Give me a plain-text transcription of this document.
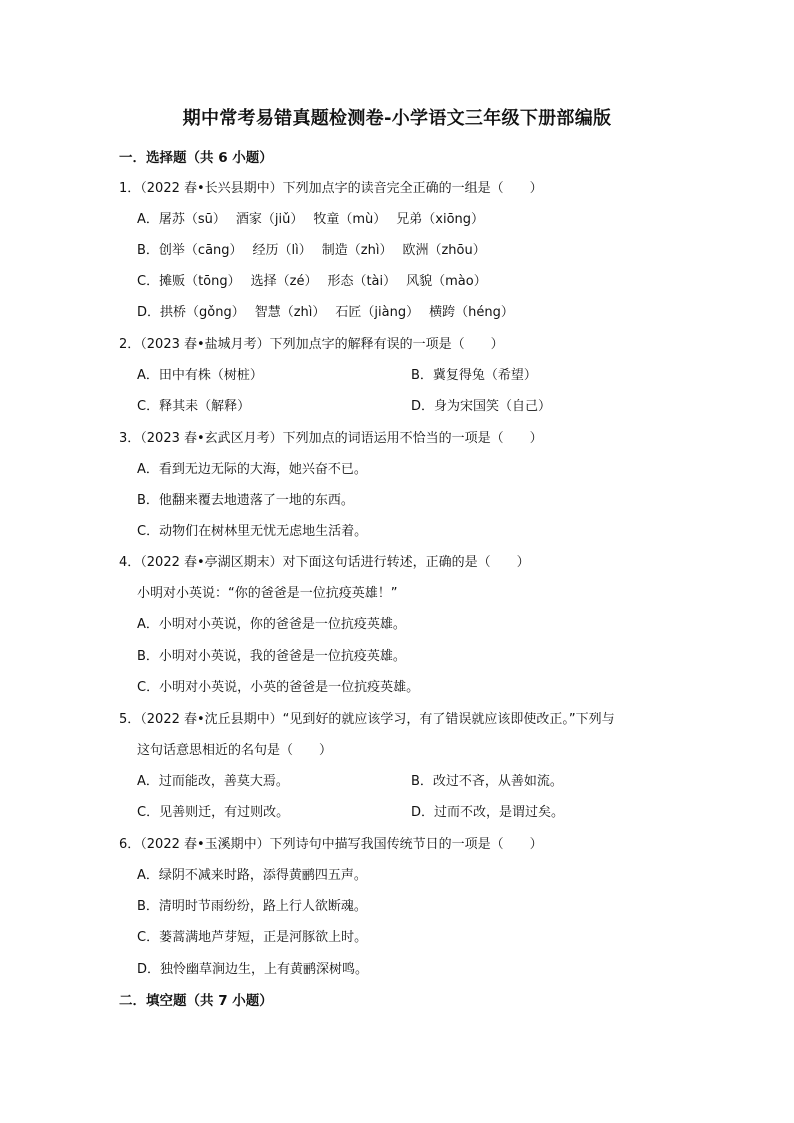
期中常考易错真题检测卷-小学语文三年级下册部编版
一．选择题（共 6 小题）
1．（2022 春•长兴县期中）下列加点字的读音完全正确的一组是（　　）
A．屠苏（sū） 酒家（jiǔ） 牧童（mù） 兄弟（xiōng）
B．创举（cāng） 经历（lì） 制造（zhì） 欧洲（zhōu）
C．摊贩（tōng） 选择（zé） 形态（tài） 风貌（mào）
D．拱桥（gǒng） 智慧（zhì） 石匠（jiàng） 横跨（héng）
2．（2023 春•盐城月考）下列加点字的解释有误的一项是（　　）
A．田中有株（树桩）	B．冀复得兔（希望）
C．释其耒（解释）	D．身为宋国笑（自己）
3．（2023 春•玄武区月考）下列加点的词语运用不恰当的一项是（　　）
A．看到无边无际的大海，她兴奋不已。
B．他翻来覆去地遗落了一地的东西。
C．动物们在树林里无忧无虑地生活着。
4．（2022 春•亭湖区期末）对下面这句话进行转述，正确的是（　　）
小明对小英说：“你的爸爸是一位抗疫英雄！”
A．小明对小英说，你的爸爸是一位抗疫英雄。
B．小明对小英说，我的爸爸是一位抗疫英雄。
C．小明对小英说，小英的爸爸是一位抗疫英雄。
5．（2022 春•沈丘县期中）“见到好的就应该学习，有了错误就应该即使改正。”下列与
这句话意思相近的名句是（　　）
A．过而能改，善莫大焉。	B．改过不吝，从善如流。
C．见善则迁，有过则改。	D．过而不改，是谓过矣。
6．（2022 春•玉溪期中）下列诗句中描写我国传统节日的一项是（　　）
A．绿阴不减来时路，添得黄鹂四五声。
B．清明时节雨纷纷，路上行人欲断魂。
C．蒌蒿满地芦芽短，正是河豚欲上时。
D．独怜幽草涧边生，上有黄鹂深树鸣。
二．填空题（共 7 小题）
